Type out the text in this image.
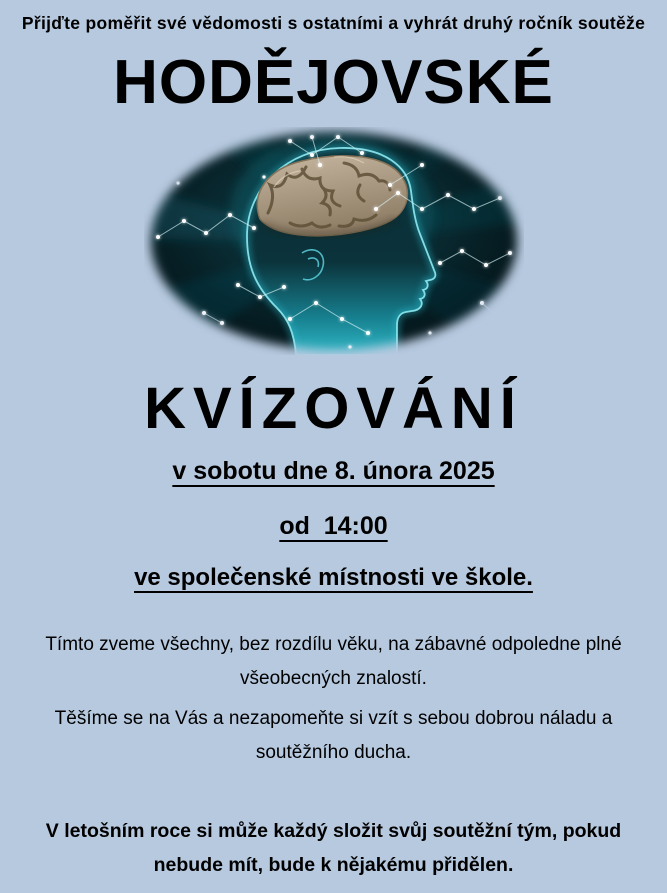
Přijďte poměřit své vědomosti s ostatními a vyhrát druhý ročník soutěže
HODĚJOVSKÉ
KVÍZOVÁNÍ
v sobotu dne 8. února 2025
od  14:00
ve společenské místnosti ve škole.

Tímto zveme všechny, bez rozdílu věku, na zábavné odpoledne plné
všeobecných znalostí.

Těšíme se na Vás a nezapomeňte si vzít s sebou dobrou náladu a
soutěžního ducha.

V letošním roce si může každý složit svůj soutěžní tým, pokud
nebude mít, bude k nějakému přidělen.
